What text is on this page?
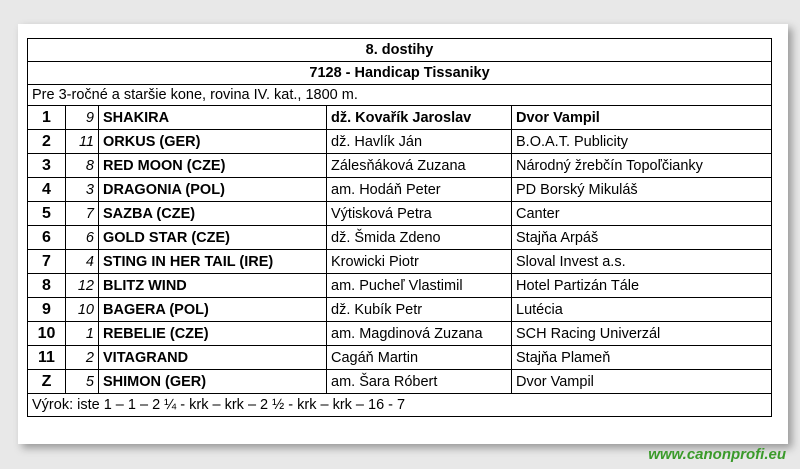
8. dostihy				
7128 - Handicap Tissaniky				
Pre 3-ročné a staršie kone, rovina IV. kat., 1800 m.				
1	9	SHAKIRA	dž. Kovařík Jaroslav	Dvor Vampil
2	11	ORKUS (GER)	dž. Havlík Ján	B.O.A.T. Publicity
3	8	RED MOON (CZE)	Zálesňáková Zuzana	Národný žrebčín Topoľčianky
4	3	DRAGONIA (POL)	am. Hodáň Peter	PD Borský Mikuláš
5	7	SAZBA (CZE)	Výtisková Petra	Canter
6	6	GOLD STAR (CZE)	dž. Šmida Zdeno	Stajňa Arpáš
7	4	STING IN HER TAIL (IRE)	Krowicki Piotr	Sloval Invest a.s.
8	12	BLITZ WIND	am. Pucheľ Vlastimil	Hotel Partizán Tále
9	10	BAGERA (POL)	dž. Kubík Petr	Lutécia
10	1	REBELIE (CZE)	am. Magdinová Zuzana	SCH Racing Univerzál
11	2	VITAGRAND	Cagáň Martin	Stajňa Plameň
Z	5	SHIMON (GER)	am. Šara Róbert	Dvor Vampil
Výrok: iste 1 – 1 – 2 ¼ - krk – krk – 2 ½ - krk – krk – 16 - 7				
www.canonprofi.eu
